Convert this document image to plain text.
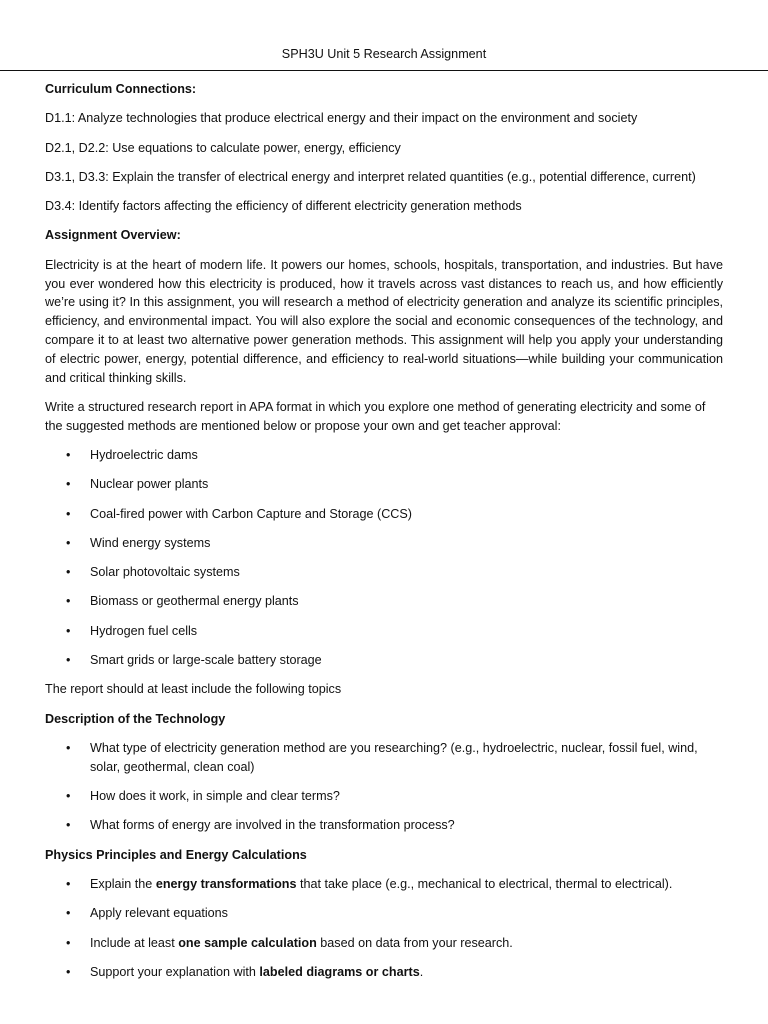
SPH3U Unit 5 Research Assignment

Curriculum Connections:

D1.1: Analyze technologies that produce electrical energy and their impact on the environment and society

D2.1, D2.2: Use equations to calculate power, energy, efficiency

D3.1, D3.3: Explain the transfer of electrical energy and interpret related quantities (e.g., potential difference, current)

D3.4: Identify factors affecting the efficiency of different electricity generation methods

Assignment Overview:

Electricity is at the heart of modern life. It powers our homes, schools, hospitals, transportation, and industries. But have you ever wondered how this electricity is produced, how it travels across vast distances to reach us, and how efficiently we’re using it? In this assignment, you will research a method of electricity generation and analyze its scientific principles, efficiency, and environmental impact. You will also explore the social and economic consequences of the technology, and compare it to at least two alternative power generation methods. This assignment will help you apply your understanding of electric power, energy, potential difference, and efficiency to real-world situations—while building your communication and critical thinking skills.

Write a structured research report in APA format in which you explore one method of generating electricity and some of the suggested methods are mentioned below or propose your own and get teacher approval:

• Hydroelectric dams
• Nuclear power plants
• Coal-fired power with Carbon Capture and Storage (CCS)
• Wind energy systems
• Solar photovoltaic systems
• Biomass or geothermal energy plants
• Hydrogen fuel cells
• Smart grids or large-scale battery storage

The report should at least include the following topics

Description of the Technology

• What type of electricity generation method are you researching? (e.g., hydroelectric, nuclear, fossil fuel, wind, solar, geothermal, clean coal)
• How does it work, in simple and clear terms?
• What forms of energy are involved in the transformation process?

Physics Principles and Energy Calculations

• Explain the energy transformations that take place (e.g., mechanical to electrical, thermal to electrical).
• Apply relevant equations
• Include at least one sample calculation based on data from your research.
• Support your explanation with labeled diagrams or charts.
